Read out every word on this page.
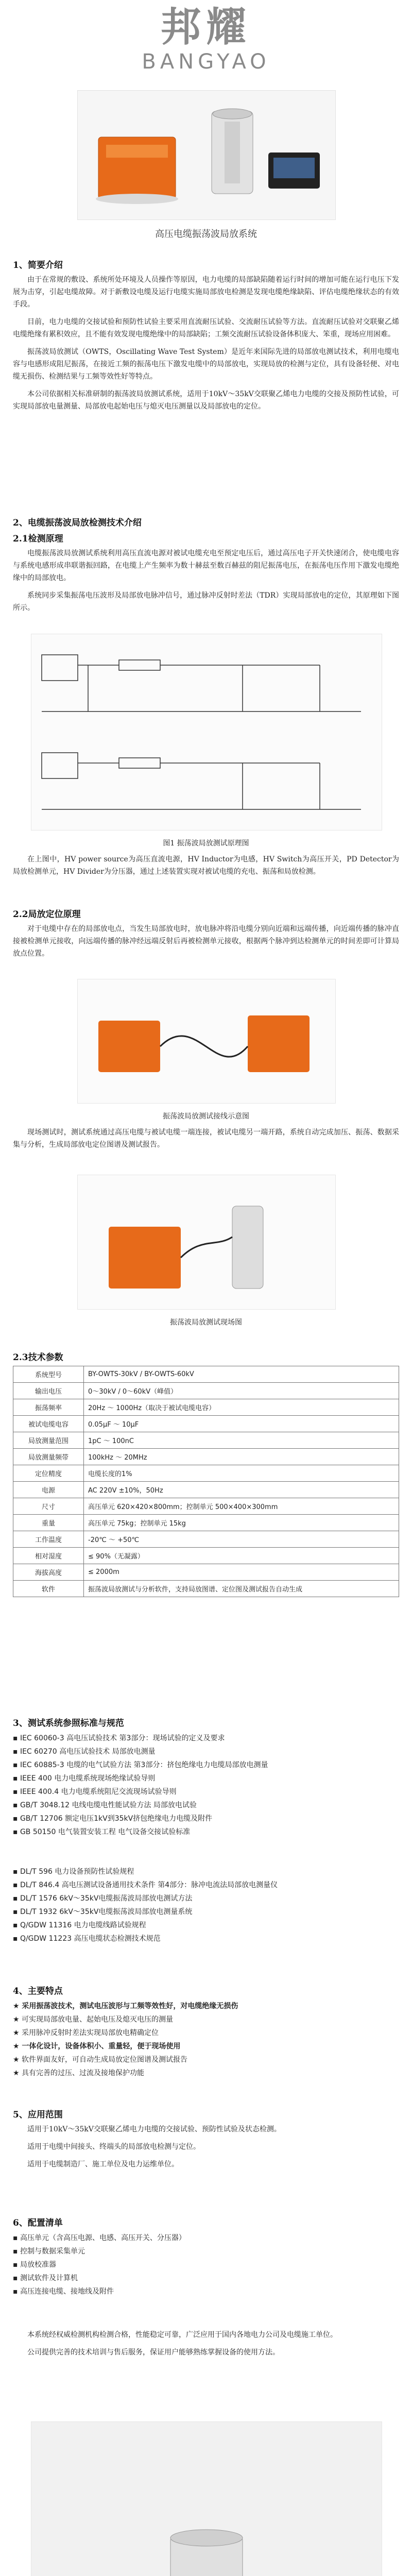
邦耀
BANGYAO
高压电缆振荡波局放系统
1、简要介绍

由于在常规的敷设、系统所处环境及人员操作等原因，电力电缆的局部缺陷随着运行时间的增加可能在运行电压下发展为击穿，引起电缆故障。对于新敷设电缆及运行电缆实施局部放电检测是发现电缆绝缘缺陷、评估电缆绝缘状态的有效手段。

目前，电力电缆的交接试验和预防性试验主要采用直流耐压试验、交流耐压试验等方法。直流耐压试验对交联聚乙烯电缆绝缘有累积效应，且不能有效发现电缆绝缘中的局部缺陷；工频交流耐压试验设备体积庞大、笨重，现场应用困难。

振荡波局放测试（OWTS，Oscillating Wave Test System）是近年来国际先进的局部放电测试技术，利用电缆电容与电感形成阻尼振荡，在接近工频的振荡电压下激发电缆中的局部放电，实现局放的检测与定位，具有设备轻便、对电缆无损伤、检测结果与工频等效性好等特点。

本公司依据相关标准研制的振荡波局放测试系统，适用于10kV～35kV交联聚乙烯电力电缆的交接及预防性试验，可实现局部放电量测量、局部放电起始电压与熄灭电压测量以及局部放电的定位。

2、电缆振荡波局放检测技术介绍
2.1检测原理

电缆振荡波局放测试系统利用高压直流电源对被试电缆充电至预定电压后，通过高压电子开关快速闭合，使电缆电容与系统电感形成串联谐振回路，在电缆上产生频率为数十赫兹至数百赫兹的阻尼振荡电压，在振荡电压作用下激发电缆绝缘中的局部放电。

系统同步采集振荡电压波形及局部放电脉冲信号，通过脉冲反射时差法（TDR）实现局部放电的定位，其原理如下图所示。

图1 振荡波局放测试原理图

在上图中，HV power source为高压直流电源，HV Inductor为电感，HV Switch为高压开关，PD Detector为局放检测单元，HV Divider为分压器，通过上述装置实现对被试电缆的充电、振荡和局放检测。

2.2局放定位原理

对于电缆中存在的局部放电点，当发生局部放电时，放电脉冲将沿电缆分别向近端和远端传播，向近端传播的脉冲直接被检测单元接收，向远端传播的脉冲经远端反射后再被检测单元接收，根据两个脉冲到达检测单元的时间差即可计算局放点位置。

振荡波局放测试接线示意图

现场测试时，测试系统通过高压电缆与被试电缆一端连接，被试电缆另一端开路，系统自动完成加压、振荡、数据采集与分析，生成局部放电定位图谱及测试报告。

振荡波局放测试现场图
2.3技术参数
系统型号	BY-OWTS-30kV / BY-OWTS-60kV
输出电压	0～30kV / 0～60kV（峰值）
振荡频率	20Hz ～ 1000Hz（取决于被试电缆电容）
被试电缆电容	0.05μF ～ 10μF
局放测量范围	1pC ～ 100nC
局放测量频带	100kHz ～ 20MHz
定位精度	电缆长度的1%
电源	AC 220V ±10%，50Hz
尺寸	高压单元 620×420×800mm；控制单元 500×400×300mm
重量	高压单元 75kg；控制单元 15kg
工作温度	-20℃ ～ +50℃
相对湿度	≤ 90%（无凝露）
海拔高度	≤ 2000m
软件	振荡波局放测试与分析软件，支持局放图谱、定位图及测试报告自动生成
3、测试系统参照标准与规范
▪ IEC 60060-3 高电压试验技术 第3部分：现场试验的定义及要求
▪ IEC 60270 高电压试验技术 局部放电测量
▪ IEC 60885-3 电缆的电气试验方法 第3部分：挤包绝缘电力电缆局部放电测量
▪ IEEE 400 电力电缆系统现场绝缘试验导则
▪ IEEE 400.4 电力电缆系统阻尼交流现场试验导则
▪ GB/T 3048.12 电线电缆电性能试验方法 局部放电试验
▪ GB/T 12706 额定电压1kV到35kV挤包绝缘电力电缆及附件
▪ GB 50150 电气装置安装工程 电气设备交接试验标准
▪ DL/T 596 电力设备预防性试验规程
▪ DL/T 846.4 高电压测试设备通用技术条件 第4部分：脉冲电流法局部放电测量仪
▪ DL/T 1576 6kV～35kV电缆振荡波局部放电测试方法
▪ DL/T 1932 6kV～35kV电缆振荡波局部放电测量系统
▪ Q/GDW 11316 电力电缆线路试验规程
▪ Q/GDW 11223 高压电缆状态检测技术规范
4、主要特点
★ 采用振荡波技术，测试电压波形与工频等效性好，对电缆绝缘无损伤
★ 可实现局部放电量、起始电压及熄灭电压的测量
★ 采用脉冲反射时差法实现局部放电精确定位
★ 一体化设计，设备体积小、重量轻，便于现场使用
★ 软件界面友好，可自动生成局放定位图谱及测试报告
★ 具有完善的过压、过流及接地保护功能
5、应用范围

适用于10kV～35kV交联聚乙烯电力电缆的交接试验、预防性试验及状态检测。

适用于电缆中间接头、终端头的局部放电检测与定位。

适用于电缆制造厂、施工单位及电力运维单位。

6、配置清单
▪ 高压单元（含高压电源、电感、高压开关、分压器）
▪ 控制与数据采集单元
▪ 局放校准器
▪ 测试软件及计算机
▪ 高压连接电缆、接地线及附件

本系统经权威检测机构检测合格，性能稳定可靠，广泛应用于国内各地电力公司及电缆施工单位。

公司提供完善的技术培训与售后服务，保证用户能够熟练掌握设备的使用方法。
